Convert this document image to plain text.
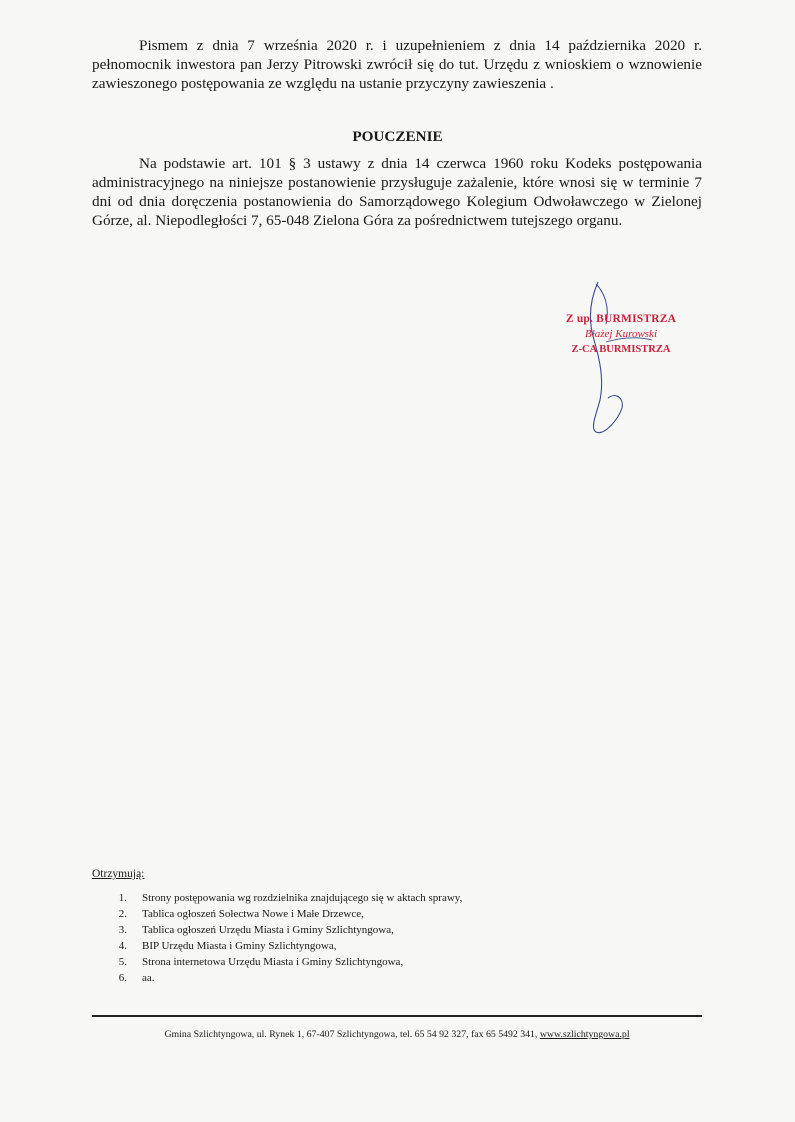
Pismem z dnia 7 września 2020 r. i uzupełnieniem z dnia 14 października 2020 r. pełnomocnik inwestora pan Jerzy Pitrowski zwrócił się do tut. Urzędu z wnioskiem o wznowienie zawieszonego postępowania ze względu na ustanie przyczyny zawieszenia .

POUCZENIE

Na podstawie art. 101 § 3 ustawy z dnia 14 czerwca 1960 roku Kodeks postępowania administracyjnego na niniejsze postanowienie przysługuje zażalenie, które wnosi się w terminie 7 dni od dnia doręczenia postanowienia do Samorządowego Kolegium Odwoławczego w Zielonej Górze, al. Niepodległości 7, 65-048 Zielona Góra za pośrednictwem tutejszego organu.

Z up. BURMISTRZA
Błażej Kurowski
Z-CA BURMISTRZA

Otrzymują:

1.	Strony postępowania wg rozdzielnika znajdującego się w aktach sprawy,
2.	Tablica ogłoszeń Sołectwa Nowe i Małe Drzewce,
3.	Tablica ogłoszeń Urzędu Miasta i Gminy Szlichtyngowa,
4.	BIP Urzędu Miasta i Gminy Szlichtyngowa,
5.	Strona internetowa Urzędu Miasta i Gminy Szlichtyngowa,
6.	aa.

Gmina Szlichtyngowa, ul. Rynek 1, 67-407 Szlichtyngowa, tel. 65 54 92 327, fax 65 5492 341, www.szlichtyngowa.pl
